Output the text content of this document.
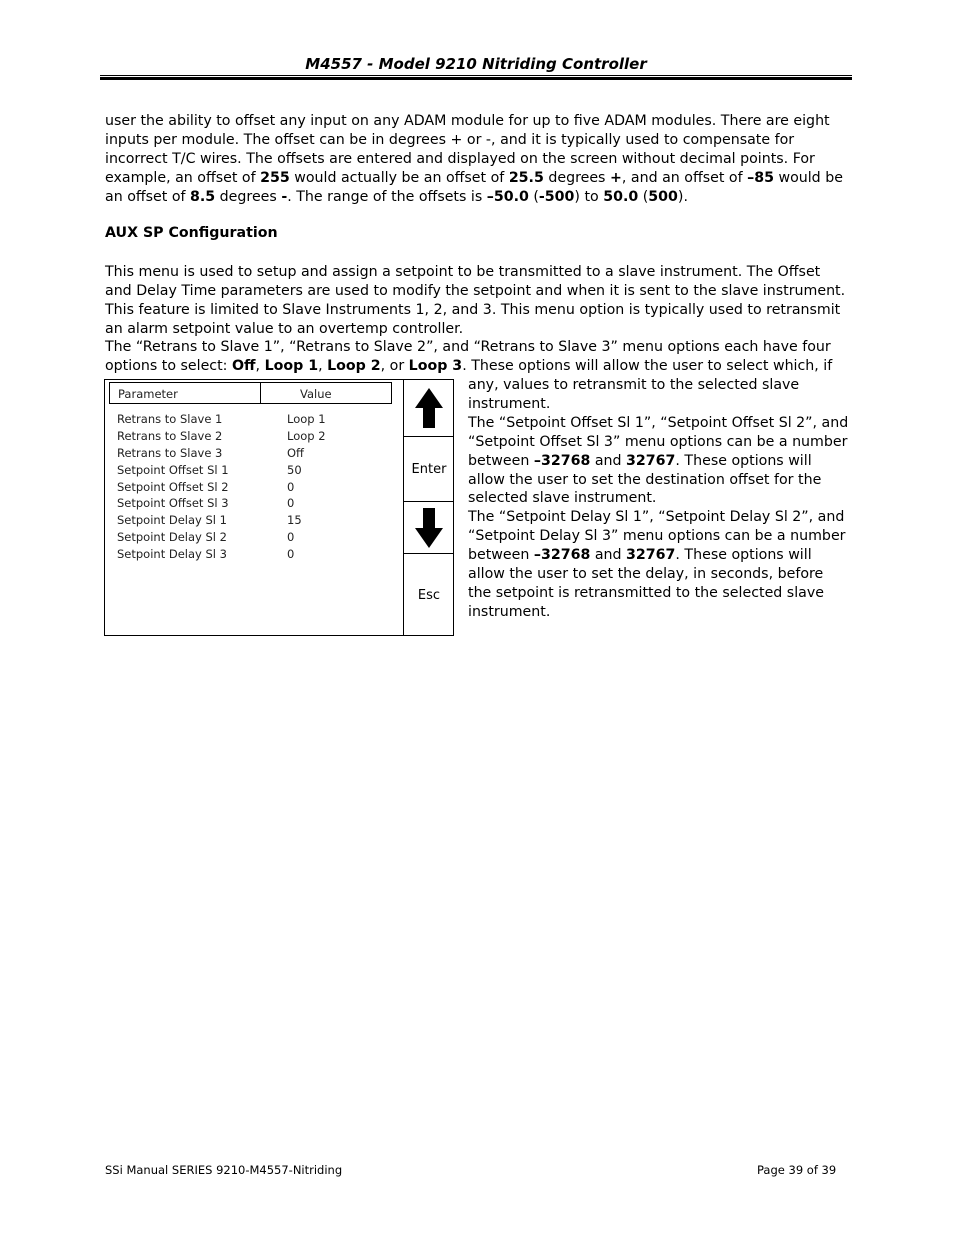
M4557 - Model 9210 Nitriding Controller

user the ability to offset any input on any ADAM module for up to five ADAM modules. There are eight inputs per module. The offset can be in degrees + or -, and it is typically used to compensate for incorrect T/C wires. The offsets are entered and displayed on the screen without decimal points. For example, an offset of 255 would actually be an offset of 25.5 degrees +, and an offset of –85 would be an offset of 8.5 degrees -. The range of the offsets is –50.0 (-500) to 50.0 (500).

AUX SP Configuration

This menu is used to setup and assign a setpoint to be transmitted to a slave instrument. The Offset and Delay Time parameters are used to modify the setpoint and when it is sent to the slave instrument. This feature is limited to Slave Instruments 1, 2, and 3. This menu option is typically used to retransmit an alarm setpoint value to an overtemp controller.

The “Retrans to Slave 1”, “Retrans to Slave 2”, and “Retrans to Slave 3” menu options each have four options to select: Off, Loop 1, Loop 2, or Loop 3. These options will allow the user to select which, if

any, values to retransmit to the selected slave instrument.

The “Setpoint Offset Sl 1”, “Setpoint Offset Sl 2”, and “Setpoint Offset Sl 3” menu options can be a number between –32768 and 32767. These options will allow the user to set the destination offset for the selected slave instrument.

The “Setpoint Delay Sl 1”, “Setpoint Delay Sl 2”, and “Setpoint Delay Sl 3” menu options can be a number between –32768 and 32767. These options will allow the user to set the delay, in seconds, before the setpoint is retransmitted to the selected slave instrument.

Parameter	Value
Retrans to Slave 1	Loop 1
Retrans to Slave 2	Loop 2
Retrans to Slave 3	Off
Setpoint Offset Sl 1	50
Setpoint Offset Sl 2	0
Setpoint Offset Sl 3	0
Setpoint Delay Sl 1	15
Setpoint Delay Sl 2	0
Setpoint Delay Sl 3	0
Enter
Esc
SSi Manual SERIES 9210-M4557-Nitriding	Page 39 of 39
